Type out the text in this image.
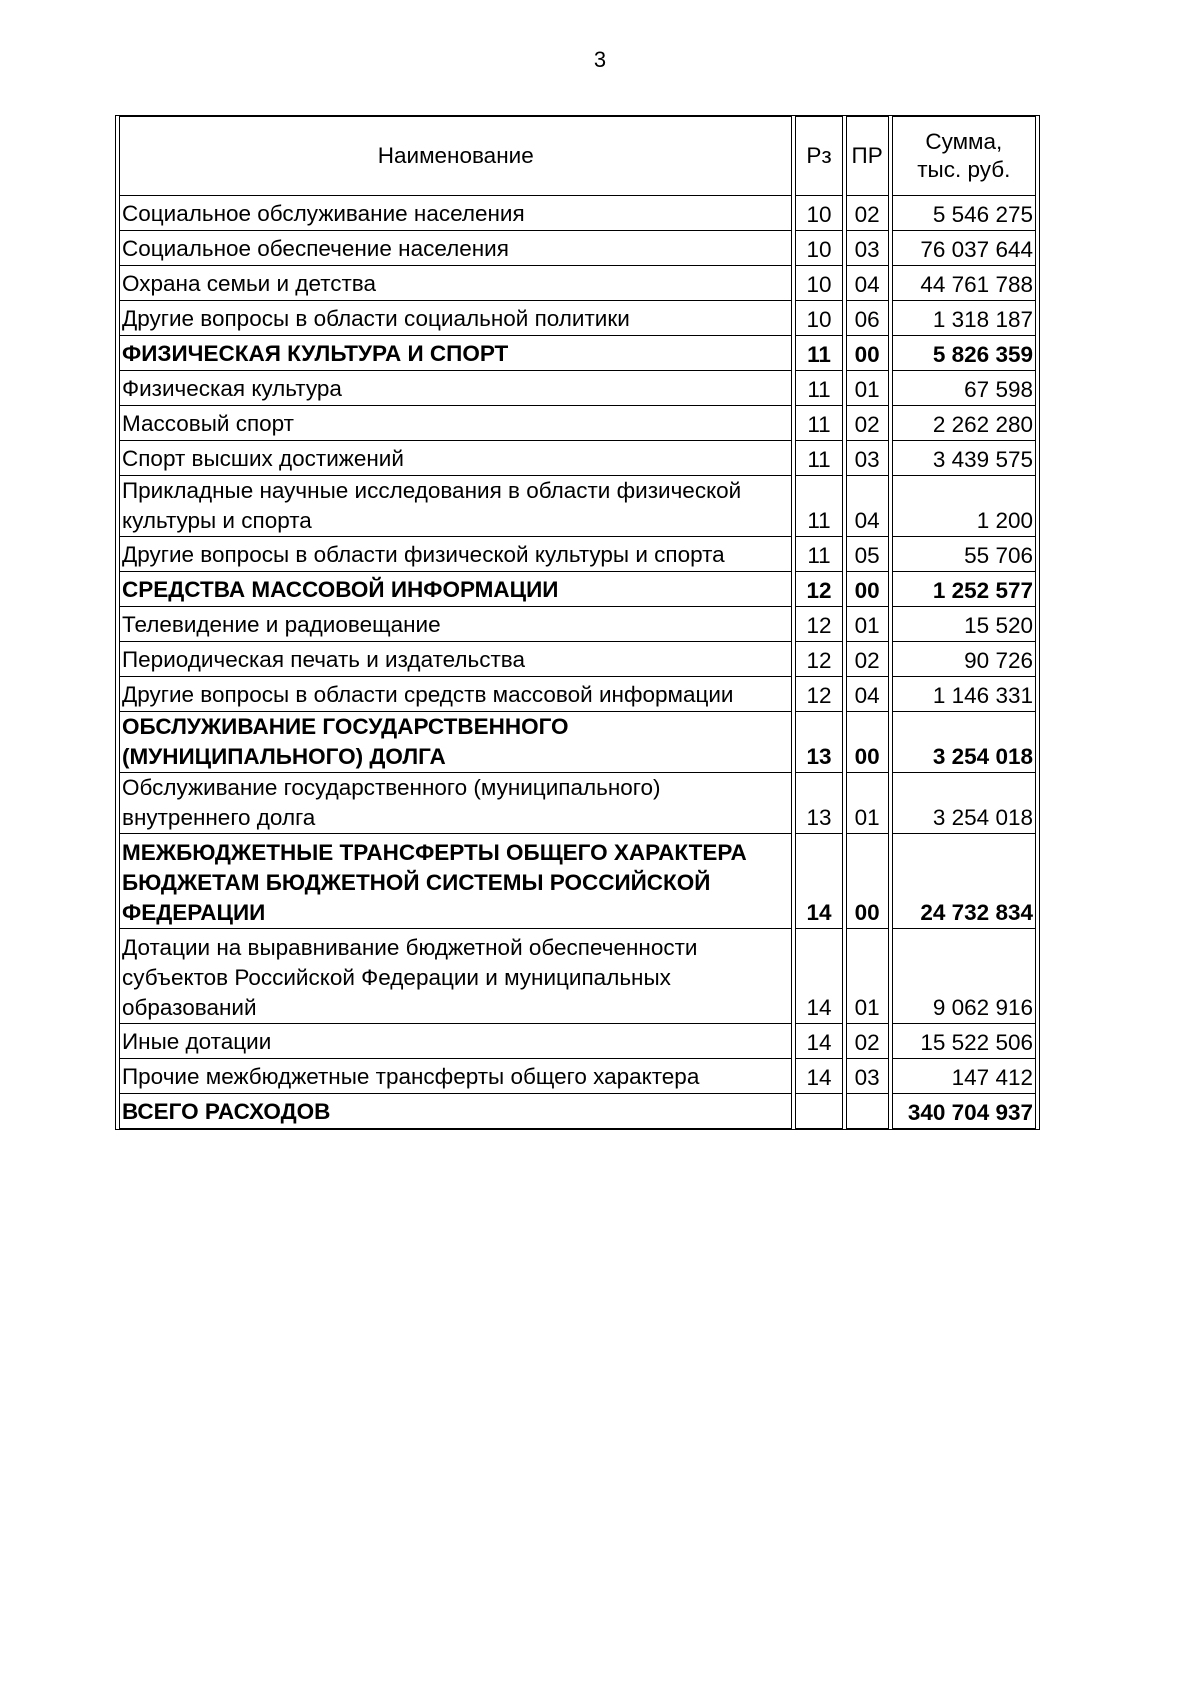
3
Наименование	Рз	ПР	Сумма,
тыс. руб.
Социальное обслуживание населения	10	02	5 546 275
Социальное обеспечение населения	10	03	76 037 644
Охрана семьи и детства	10	04	44 761 788
Другие вопросы в области социальной политики	10	06	1 318 187
ФИЗИЧЕСКАЯ КУЛЬТУРА И СПОРТ	11	00	5 826 359
Физическая культура	11	01	67 598
Массовый спорт	11	02	2 262 280
Спорт высших достижений	11	03	3 439 575
Прикладные научные исследования в области физической культуры и спорта	11	04	1 200
Другие вопросы в области физической культуры и спорта	11	05	55 706
СРЕДСТВА МАССОВОЙ ИНФОРМАЦИИ	12	00	1 252 577
Телевидение и радиовещание	12	01	15 520
Периодическая печать и издательства	12	02	90 726
Другие вопросы в области средств массовой информации	12	04	1 146 331
ОБСЛУЖИВАНИЕ ГОСУДАРСТВЕННОГО (МУНИЦИПАЛЬНОГО) ДОЛГА	13	00	3 254 018
Обслуживание государственного (муниципального) внутреннего долга	13	01	3 254 018
МЕЖБЮДЖЕТНЫЕ ТРАНСФЕРТЫ ОБЩЕГО ХАРАКТЕРА БЮДЖЕТАМ БЮДЖЕТНОЙ СИСТЕМЫ РОССИЙСКОЙ ФЕДЕРАЦИИ	14	00	24 732 834
Дотации на выравнивание бюджетной обеспеченности субъектов Российской Федерации и муниципальных образований	14	01	9 062 916
Иные дотации	14	02	15 522 506
Прочие межбюджетные трансферты общего характера	14	03	147 412
ВСЕГО РАСХОДОВ			340 704 937
